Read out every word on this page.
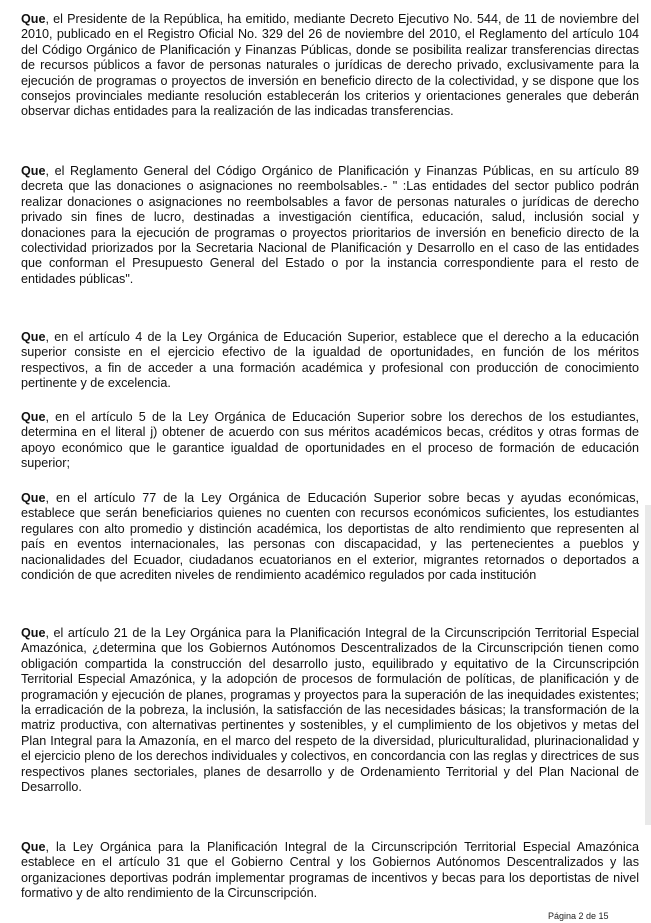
Que, el Presidente de la República, ha emitido, mediante Decreto Ejecutivo No. 544, de 11 de noviembre del 2010, publicado en el Registro Oficial No. 329 del 26 de noviembre del 2010, el Reglamento del artículo 104 del Código Orgánico de Planificación y Finanzas Públicas, donde se posibilita realizar transferencias directas de recursos públicos a favor de personas naturales o jurídicas de derecho privado, exclusivamente para la ejecución de programas o proyectos de inversión en beneficio directo de la colectividad, y se dispone que los consejos provinciales mediante resolución establecerán los criterios y orientaciones generales que deberán observar dichas entidades para la realización de las indicadas transferencias.

Que, el Reglamento General del Código Orgánico de Planificación y Finanzas Públicas, en su artículo 89 decreta que las donaciones o asignaciones no reembolsables.- " :Las entidades del sector publico podrán realizar donaciones o asignaciones no reembolsables a favor de personas naturales o jurídicas de derecho privado sin fines de lucro, destinadas a investigación científica, educación, salud, inclusión social y donaciones para la ejecución de programas o proyectos prioritarios de inversión en beneficio directo de la colectividad priorizados por la Secretaria Nacional de Planificación y Desarrollo en el caso de las entidades que conforman el Presupuesto General del Estado o por la instancia correspondiente para el resto de entidades públicas".

Que, en el artículo 4 de la Ley Orgánica de Educación Superior, establece que el derecho a la educación superior consiste en el ejercicio efectivo de la igualdad de oportunidades, en función de los méritos respectivos, a fin de acceder a una formación académica y profesional con producción de conocimiento pertinente y de excelencia.

Que, en el artículo 5 de la Ley Orgánica de Educación Superior sobre los derechos de los estudiantes, determina en el literal j) obtener de acuerdo con sus méritos académicos becas, créditos y otras formas de apoyo económico que le garantice igualdad de oportunidades en el proceso de formación de educación superior;

Que, en el artículo 77 de la Ley Orgánica de Educación Superior sobre becas y ayudas económicas, establece que serán beneficiarios quienes no cuenten con recursos económicos suficientes, los estudiantes regulares con alto promedio y distinción académica, los deportistas de alto rendimiento que representen al país en eventos internacionales, las personas con discapacidad, y las pertenecientes a pueblos y nacionalidades del Ecuador, ciudadanos ecuatorianos en el exterior, migrantes retornados o deportados a condición de que acrediten niveles de rendimiento académico regulados por cada institución

Que, el artículo 21 de la Ley Orgánica para la Planificación Integral de la Circunscripción Territorial Especial Amazónica, ¿determina que los Gobiernos Autónomos Descentralizados de la Circunscripción tienen como obligación compartida la construcción del desarrollo justo, equilibrado y equitativo de la Circunscripción Territorial Especial Amazónica, y la adopción de procesos de formulación de políticas, de planificación y de programación y ejecución de planes, programas y proyectos para la superación de las inequidades existentes; la erradicación de la pobreza, la inclusión, la satisfacción de las necesidades básicas; la transformación de la matriz productiva, con alternativas pertinentes y sostenibles, y el cumplimiento de los objetivos y metas del Plan Integral para la Amazonía, en el marco del respeto de la diversidad, pluriculturalidad, plurinacionalidad y el ejercicio pleno de los derechos individuales y colectivos, en concordancia con las reglas y directrices de sus respectivos planes sectoriales, planes de desarrollo y de Ordenamiento Territorial y del Plan Nacional de Desarrollo.

Que, la Ley Orgánica para la Planificación Integral de la Circunscripción Territorial Especial Amazónica establece en el artículo 31 que el Gobierno Central y los Gobiernos Autónomos Descentralizados y las organizaciones deportivas podrán implementar programas de incentivos y becas para los deportistas de nivel formativo y de alto rendimiento de la Circunscripción.

Página 2 de 15
